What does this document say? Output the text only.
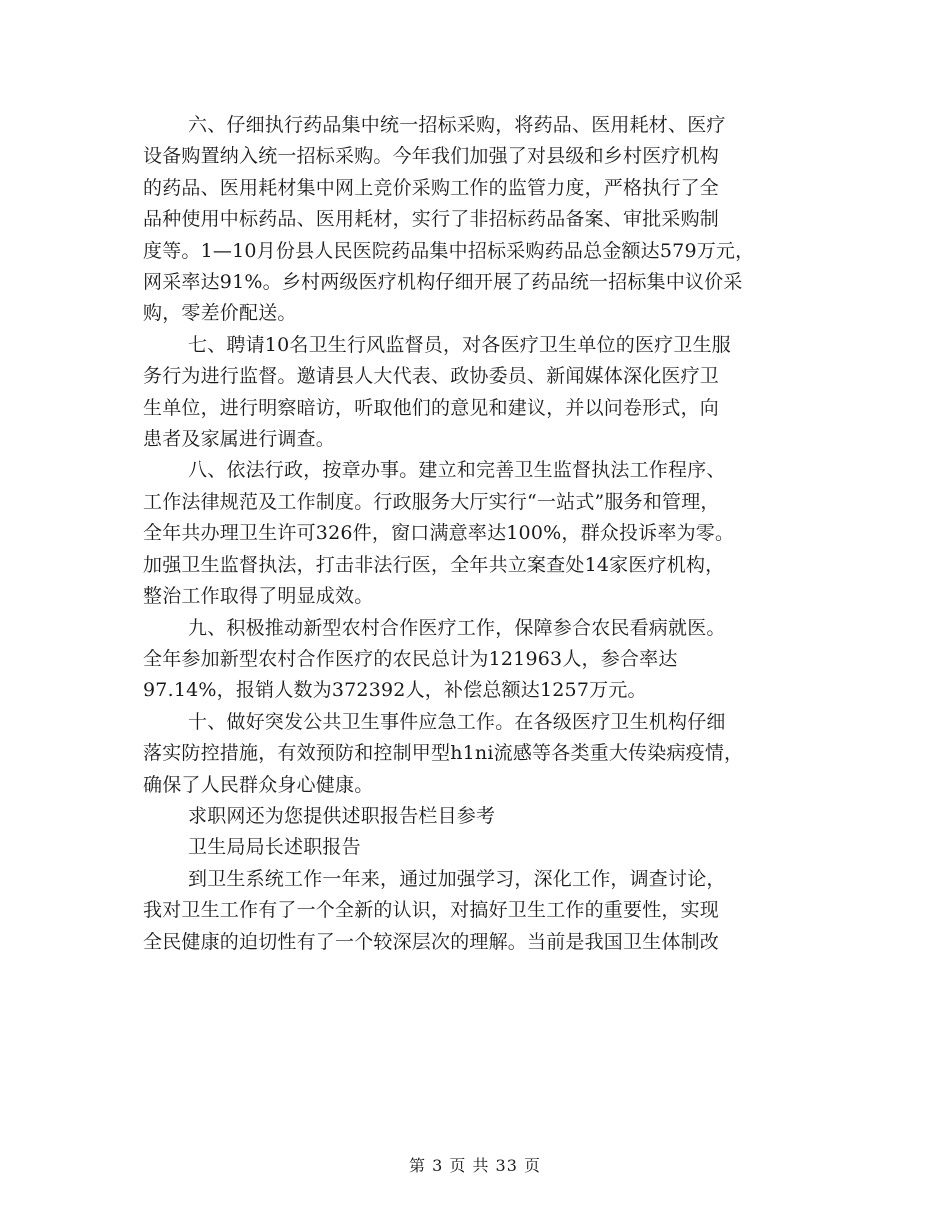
六、仔细执行药品集中统一招标采购，将药品、医用耗材、医疗
设备购置纳入统一招标采购。今年我们加强了对县级和乡村医疗机构
的药品、医用耗材集中网上竞价采购工作的监管力度，严格执行了全
品种使用中标药品、医用耗材，实行了非招标药品备案、审批采购制
度等。1—10月份县人民医院药品集中招标采购药品总金额达579万元，
网采率达91%。乡村两级医疗机构仔细开展了药品统一招标集中议价采
购，零差价配送。
七、聘请10名卫生行风监督员，对各医疗卫生单位的医疗卫生服
务行为进行监督。邀请县人大代表、政协委员、新闻媒体深化医疗卫
生单位，进行明察暗访，听取他们的意见和建议，并以问卷形式，向
患者及家属进行调查。
八、依法行政，按章办事。建立和完善卫生监督执法工作程序、
工作法律规范及工作制度。行政服务大厅实行“一站式”服务和管理，
全年共办理卫生许可326件，窗口满意率达100%，群众投诉率为零。
加强卫生监督执法，打击非法行医，全年共立案查处14家医疗机构，
整治工作取得了明显成效。
九、积极推动新型农村合作医疗工作，保障参合农民看病就医。
全年参加新型农村合作医疗的农民总计为121963人，参合率达
97.14%，报销人数为372392人，补偿总额达1257万元。
十、做好突发公共卫生事件应急工作。在各级医疗卫生机构仔细
落实防控措施，有效预防和控制甲型h1ni流感等各类重大传染病疫情，
确保了人民群众身心健康。
求职网还为您提供述职报告栏目参考
卫生局局长述职报告
到卫生系统工作一年来，通过加强学习，深化工作，调查讨论，
我对卫生工作有了一个全新的认识，对搞好卫生工作的重要性，实现
全民健康的迫切性有了一个较深层次的理解。当前是我国卫生体制改
第 3 页 共 33 页
